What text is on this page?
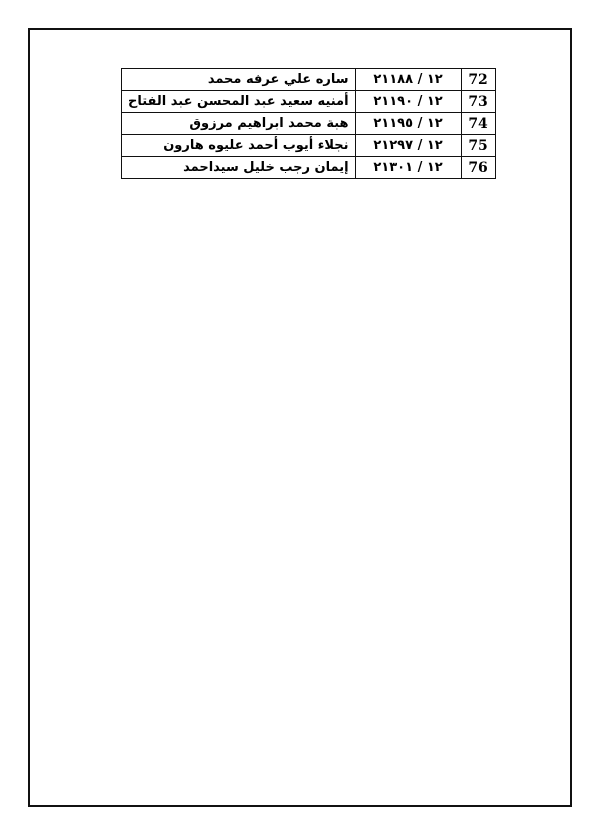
72	١٢ / ٢١١٨٨	ساره علي عرفه محمد
73	١٢ / ٢١١٩٠	أمنيه سعيد عبد المحسن عبد الفتاح
74	١٢ / ٢١١٩٥	هبة محمد ابراهيم مرزوق
75	١٢ / ٢١٢٩٧	نجلاء أيوب أحمد عليوه هارون
76	١٢ / ٢١٣٠١	إيمان رجب خليل سيداحمد
